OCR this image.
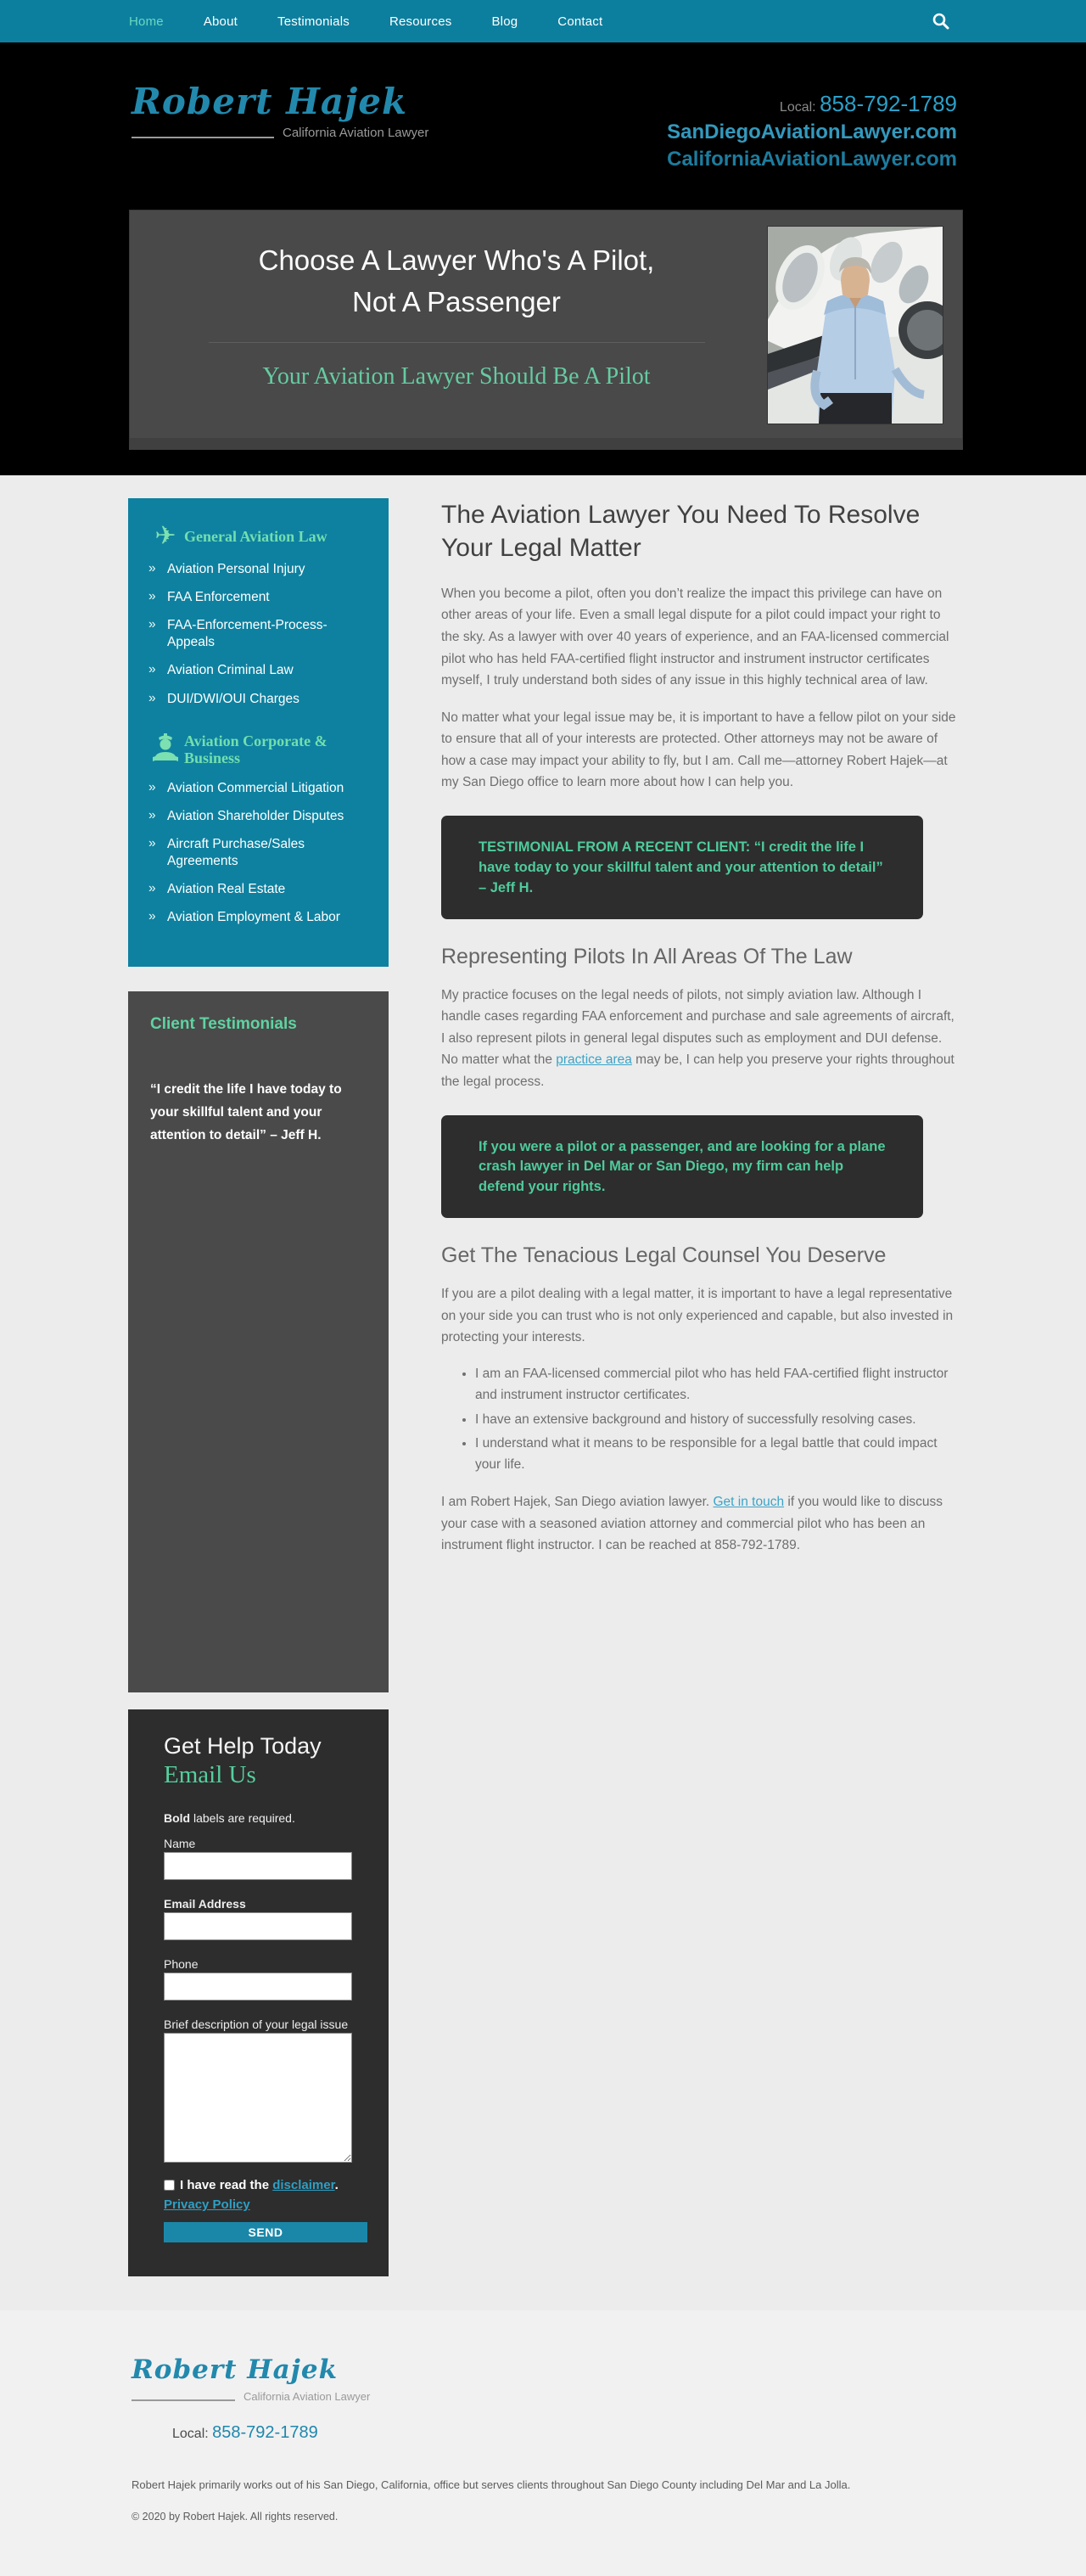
Home	About	Testimonials	Resources	Blog	Contact
Robert Hajek
California Aviation Lawyer
Local: 858-792-1789
SanDiegoAviationLawyer.com
CaliforniaAviationLawyer.com
Choose A Lawyer Who's A Pilot,
Not A Passenger
Your Aviation Lawyer Should Be A Pilot
✈ General Aviation Law
» Aviation Personal Injury
» FAA Enforcement
» FAA-Enforcement-Process-Appeals
» Aviation Criminal Law
» DUI/DWI/OUI Charges
Aviation Corporate & Business
» Aviation Commercial Litigation
» Aviation Shareholder Disputes
» Aircraft Purchase/Sales Agreements
» Aviation Real Estate
» Aviation Employment & Labor
Client Testimonials
“I credit the life I have today to your skillful talent and your attention to detail” – Jeff H.
Get Help Today
Email Us
Bold labels are required.
Name
Email Address
Phone
Brief description of your legal issue
I have read the disclaimer.
Privacy Policy
SEND
The Aviation Lawyer You Need To Resolve Your Legal Matter

When you become a pilot, often you don’t realize the impact this privilege can have on other areas of your life. Even a small legal dispute for a pilot could impact your right to the sky. As a lawyer with over 40 years of experience, and an FAA-licensed commercial pilot who has held FAA-certified flight instructor and instrument instructor certificates myself, I truly understand both sides of any issue in this highly technical area of law.

No matter what your legal issue may be, it is important to have a fellow pilot on your side to ensure that all of your interests are protected. Other attorneys may not be aware of how a case may impact your ability to fly, but I am. Call me—attorney Robert Hajek—at my San Diego office to learn more about how I can help you.

TESTIMONIAL FROM A RECENT CLIENT: “I credit the life I have today to your skillful talent and your attention to detail” – Jeff H.

Representing Pilots In All Areas Of The Law

My practice focuses on the legal needs of pilots, not simply aviation law. Although I handle cases regarding FAA enforcement and purchase and sale agreements of aircraft, I also represent pilots in general legal disputes such as employment and DUI defense. No matter what the practice area may be, I can help you preserve your rights throughout the legal process.

If you were a pilot or a passenger, and are looking for a plane crash lawyer in Del Mar or San Diego, my firm can help defend your rights.

Get The Tenacious Legal Counsel You Deserve

If you are a pilot dealing with a legal matter, it is important to have a legal representative on your side you can trust who is not only experienced and capable, but also invested in protecting your interests.

• I am an FAA-licensed commercial pilot who has held FAA-certified flight instructor and instrument instructor certificates.
• I have an extensive background and history of successfully resolving cases.
• I understand what it means to be responsible for a legal battle that could impact your life.

I am Robert Hajek, San Diego aviation lawyer. Get in touch if you would like to discuss your case with a seasoned aviation attorney and commercial pilot who has been an instrument flight instructor. I can be reached at 858-792-1789.

Robert Hajek
California Aviation Lawyer
Local: 858-792-1789
Robert Hajek primarily works out of his San Diego, California, office but serves clients throughout San Diego County including Del Mar and La Jolla.
© 2020 by Robert Hajek. All rights reserved.
